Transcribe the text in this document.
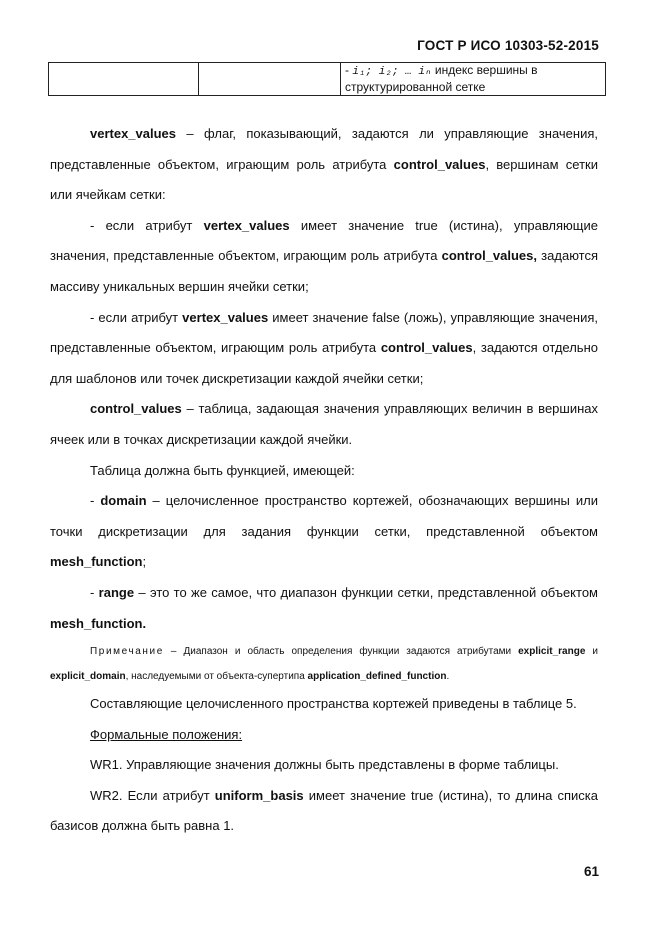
ГОСТ Р ИСО 10303-52-2015
		- i₁; i₂; … iₙ индекс вершины в структурированной сетке

vertex_values – флаг, показывающий, задаются ли управляющие значения, представленные объектом, играющим роль атрибута control_values, вершинам сетки или ячейкам сетки:

- если атрибут vertex_values имеет значение true (истина), управляющие значения, представленные объектом, играющим роль атрибута control_values, задаются массиву уникальных вершин ячейки сетки;

- если атрибут vertex_values имеет значение false (ложь), управляющие значения, представленные объектом, играющим роль атрибута control_values, задаются отдельно для шаблонов или точек дискретизации каждой ячейки сетки;

control_values – таблица, задающая значения управляющих величин в вершинах ячеек или в точках дискретизации каждой ячейки.

Таблица должна быть функцией, имеющей:

- domain – целочисленное пространство кортежей, обозначающих вершины или точки дискретизации для задания функции сетки, представленной объектом mesh_function;

- range – это то же самое, что диапазон функции сетки, представленной объектом mesh_function.

Примечание – Диапазон и область определения функции задаются атрибутами explicit_range и explicit_domain, наследуемыми от объекта-супертипа application_defined_function.

Составляющие целочисленного пространства кортежей приведены в таблице 5.

Формальные положения:

WR1. Управляющие значения должны быть представлены в форме таблицы.

WR2. Если атрибут uniform_basis имеет значение true (истина), то длина списка базисов должна быть равна 1.

61
